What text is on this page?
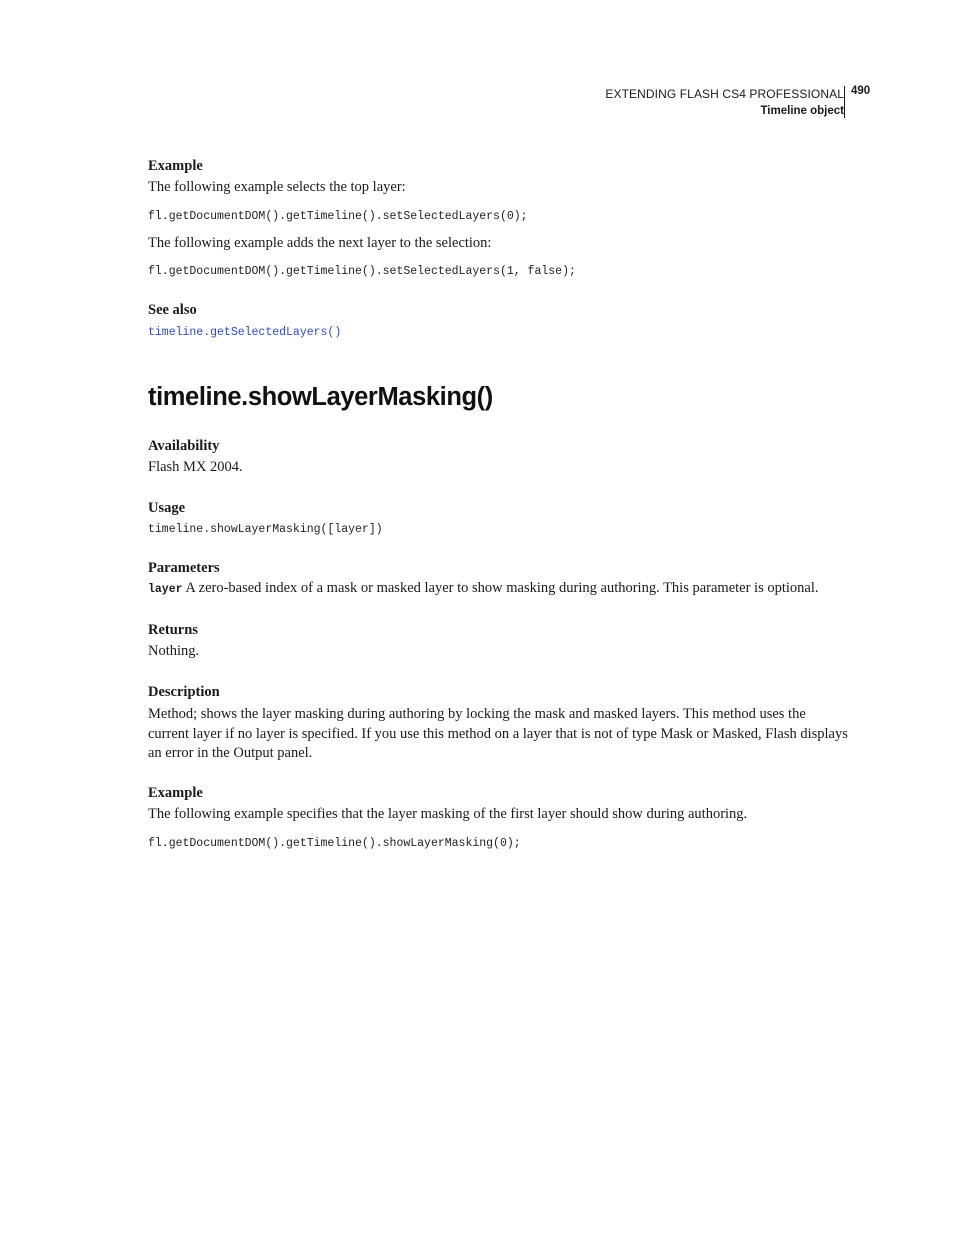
EXTENDING FLASH CS4 PROFESSIONAL
Timeline object
490
Example
The following example selects the top layer:
fl.getDocumentDOM().getTimeline().setSelectedLayers(0);
The following example adds the next layer to the selection:
fl.getDocumentDOM().getTimeline().setSelectedLayers(1, false);
See also
timeline.getSelectedLayers()
timeline.showLayerMasking()
Availability
Flash MX 2004.
Usage
timeline.showLayerMasking([layer])
Parameters
layer A zero-based index of a mask or masked layer to show masking during authoring. This parameter is optional.
Returns
Nothing.
Description
Method; shows the layer masking during authoring by locking the mask and masked layers. This method uses the current layer if no layer is specified. If you use this method on a layer that is not of type Mask or Masked, Flash displays an error in the Output panel.
Example
The following example specifies that the layer masking of the first layer should show during authoring.
fl.getDocumentDOM().getTimeline().showLayerMasking(0);
